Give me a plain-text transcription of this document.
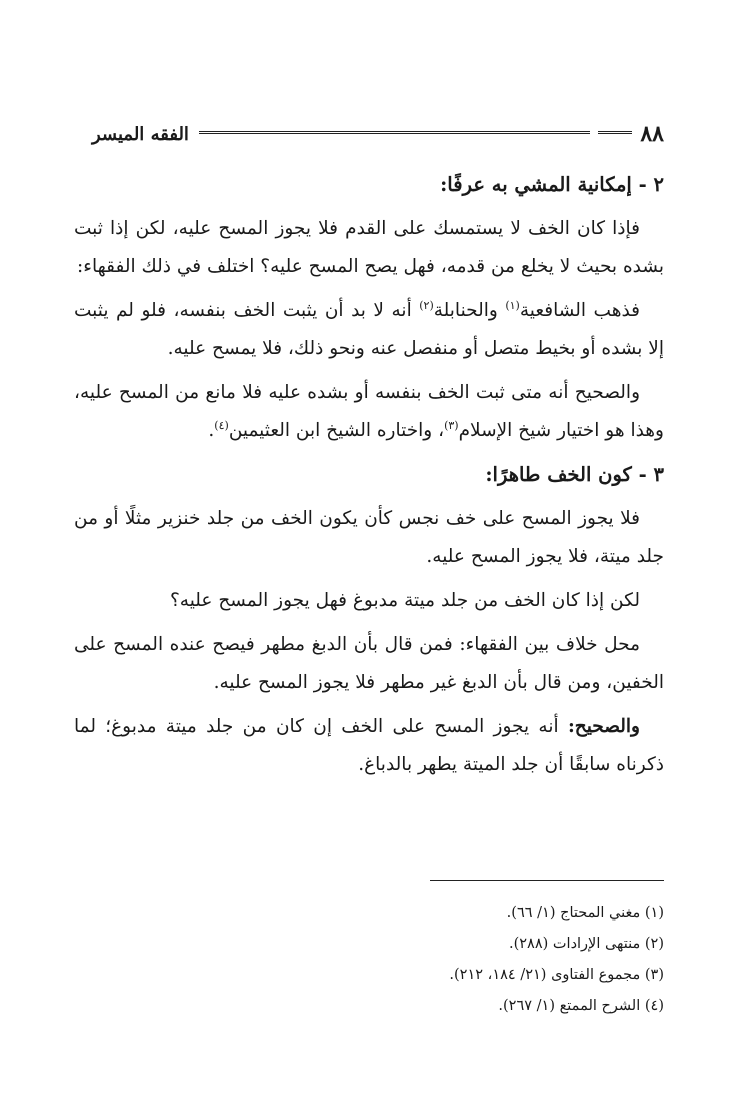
٨٨
الفقه الميسر

٢ - إمكانية المشي به عرفًا:

فإذا كان الخف لا يستمسك على القدم فلا يجوز المسح عليه، لكن إذا ثبت بشده بحيث لا يخلع من قدمه، فهل يصح المسح عليه؟ اختلف في ذلك الفقهاء:

فذهب الشافعية$^{(١)}$ والحنابلة$^{(٢)}$ أنه لا بد أن يثبت الخف بنفسه، فلو لم يثبت إلا بشده أو بخيط متصل أو منفصل عنه ونحو ذلك، فلا يمسح عليه.

والصحيح أنه متى ثبت الخف بنفسه أو بشده عليه فلا مانع من المسح عليه، وهذا هو اختيار شيخ الإسلام$^{(٣)}$، واختاره الشيخ ابن العثيمين$^{(٤)}$.

٣ - كون الخف طاهرًا:

فلا يجوز المسح على خف نجس كأن يكون الخف من جلد خنزير مثلًا أو من جلد ميتة، فلا يجوز المسح عليه.

لكن إذا كان الخف من جلد ميتة مدبوغ فهل يجوز المسح عليه؟

محل خلاف بين الفقهاء: فمن قال بأن الدبغ مطهر فيصح عنده المسح على الخفين، ومن قال بأن الدبغ غير مطهر فلا يجوز المسح عليه.

والصحيح: أنه يجوز المسح على الخف إن كان من جلد ميتة مدبوغ؛ لما ذكرناه سابقًا أن جلد الميتة يطهر بالدباغ.

(١) مغني المحتاج (١/ ٦٦).
(٢) منتهى الإرادات (٢٨٨).
(٣) مجموع الفتاوى (٢١/ ١٨٤، ٢١٢).
(٤) الشرح الممتع (١/ ٢٦٧).
